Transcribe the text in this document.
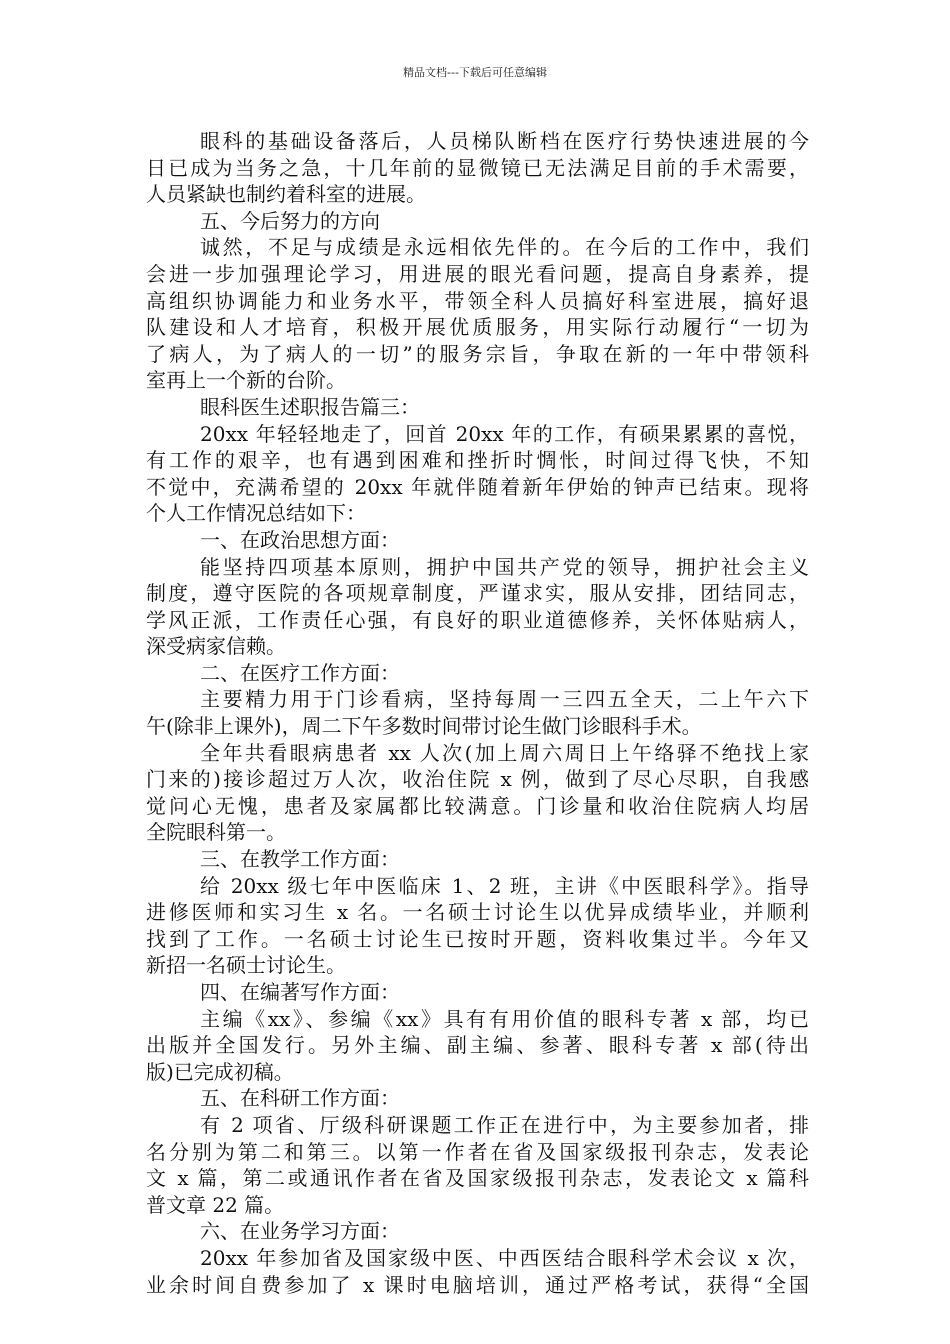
精品文档---下载后可任意编辑
眼科的基础设备落后，人员梯队断档在医疗行势快速进展的今
日已成为当务之急，十几年前的显微镜已无法满足目前的手术需要，
人员紧缺也制约着科室的进展。
五、今后努力的方向
诚然，不足与成绩是永远相依先伴的。在今后的工作中，我们
会进一步加强理论学习，用进展的眼光看问题，提高自身素养，提
高组织协调能力和业务水平，带领全科人员搞好科室进展，搞好退
队建设和人才培育，积极开展优质服务，用实际行动履行“一切为
了病人，为了病人的一切”的服务宗旨，争取在新的一年中带领科
室再上一个新的台阶。
眼科医生述职报告篇三：
20xx 年轻轻地走了，回首 20xx 年的工作，有硕果累累的喜悦，
有工作的艰辛，也有遇到困难和挫折时惆怅，时间过得飞快，不知
不觉中，充满希望的 20xx 年就伴随着新年伊始的钟声已结束。现将
个人工作情况总结如下：
一、在政治思想方面：
能坚持四项基本原则，拥护中国共产党的领导，拥护社会主义
制度，遵守医院的各项规章制度，严谨求实，服从安排，团结同志，
学风正派，工作责任心强，有良好的职业道德修养，关怀体贴病人，
深受病家信赖。
二、在医疗工作方面：
主要精力用于门诊看病，坚持每周一三四五全天，二上午六下
午(除非上课外)，周二下午多数时间带讨论生做门诊眼科手术。
全年共看眼病患者 xx 人次(加上周六周日上午络驿不绝找上家
门来的)接诊超过万人次，收治住院 x 例，做到了尽心尽职，自我感
觉问心无愧，患者及家属都比较满意。门诊量和收治住院病人均居
全院眼科第一。
三、在教学工作方面：
给 20xx 级七年中医临床 1、2 班，主讲《中医眼科学》。指导
进修医师和实习生 x 名。一名硕士讨论生以优异成绩毕业，并顺利
找到了工作。一名硕士讨论生已按时开题，资料收集过半。今年又
新招一名硕士讨论生。
四、在编著写作方面：
主编《xx》、参编《xx》具有有用价值的眼科专著 x 部，均已
出版并全国发行。另外主编、副主编、参著、眼科专著 x 部(待出
版)已完成初稿。
五、在科研工作方面：
有 2 项省、厅级科研课题工作正在进行中，为主要参加者，排
名分别为第二和第三。以第一作者在省及国家级报刊杂志，发表论
文 x 篇，第二或通讯作者在省及国家级报刊杂志，发表论文 x 篇科
普文章 22 篇。
六、在业务学习方面：
20xx 年参加省及国家级中医、中西医结合眼科学术会议 x 次，
业余时间自费参加了 x 课时电脑培训，通过严格考试，获得“全国
